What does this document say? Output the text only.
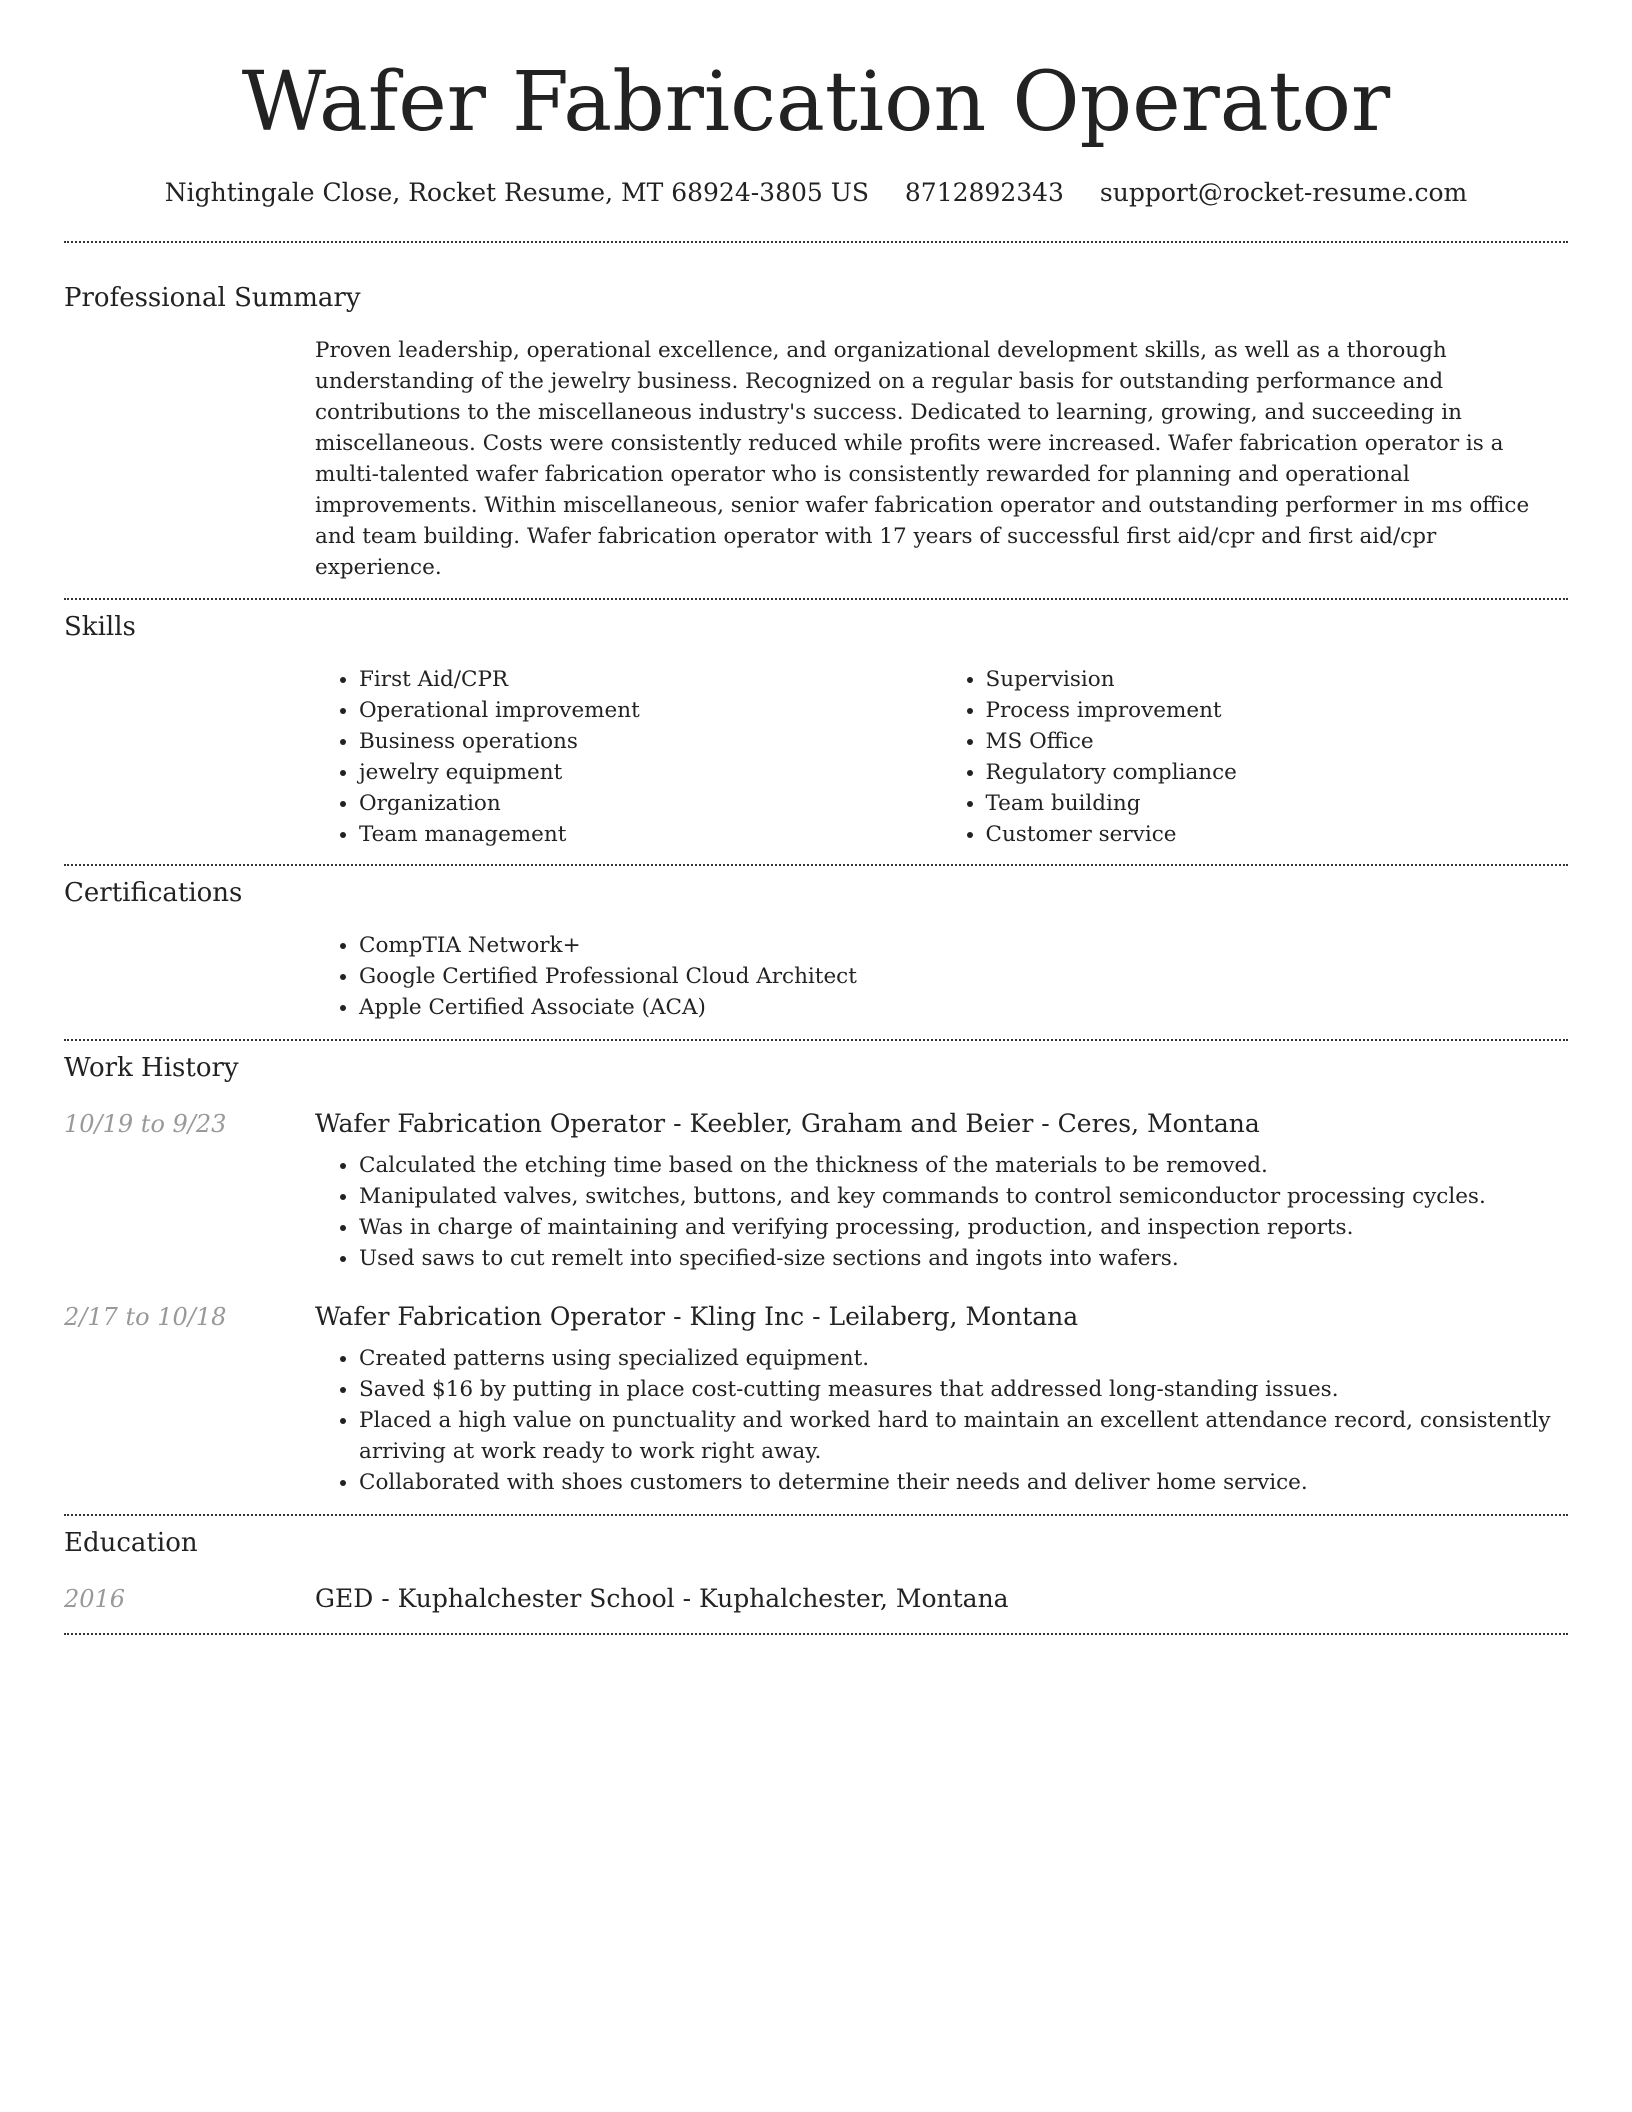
Wafer Fabrication Operator
Nightingale Close, Rocket Resume, MT 68924-3805 US 8712892343 support@rocket-resume.com
Professional Summary

Proven leadership, operational excellence, and organizational development skills, as well as a thorough understanding of the jewelry business. Recognized on a regular basis for outstanding performance and contributions to the miscellaneous industry's success. Dedicated to learning, growing, and succeeding in miscellaneous. Costs were consistently reduced while profits were increased. Wafer fabrication operator is a multi-talented wafer fabrication operator who is consistently rewarded for planning and operational improvements. Within miscellaneous, senior wafer fabrication operator and outstanding performer in ms office and team building. Wafer fabrication operator with 17 years of successful first aid/cpr and first aid/cpr experience.

Skills
• First Aid/CPR
• Operational improvement
• Business operations
• jewelry equipment
• Organization
• Team management
• Supervision
• Process improvement
• MS Office
• Regulatory compliance
• Team building
• Customer service
Certifications
• CompTIA Network+
• Google Certified Professional Cloud Architect
• Apple Certified Associate (ACA)
Work History
10/19 to 9/23	Wafer Fabrication Operator - Keebler, Graham and Beier - Ceres, Montana
• Calculated the etching time based on the thickness of the materials to be removed.
• Manipulated valves, switches, buttons, and key commands to control semiconductor processing cycles.
• Was in charge of maintaining and verifying processing, production, and inspection reports.
• Used saws to cut remelt into specified-size sections and ingots into wafers.
2/17 to 10/18	Wafer Fabrication Operator - Kling Inc - Leilaberg, Montana
• Created patterns using specialized equipment.
• Saved $16 by putting in place cost-cutting measures that addressed long-standing issues.
• Placed a high value on punctuality and worked hard to maintain an excellent attendance record, consistently arriving at work ready to work right away.
• Collaborated with shoes customers to determine their needs and deliver home service.
Education
2016	GED - Kuphalchester School - Kuphalchester, Montana
